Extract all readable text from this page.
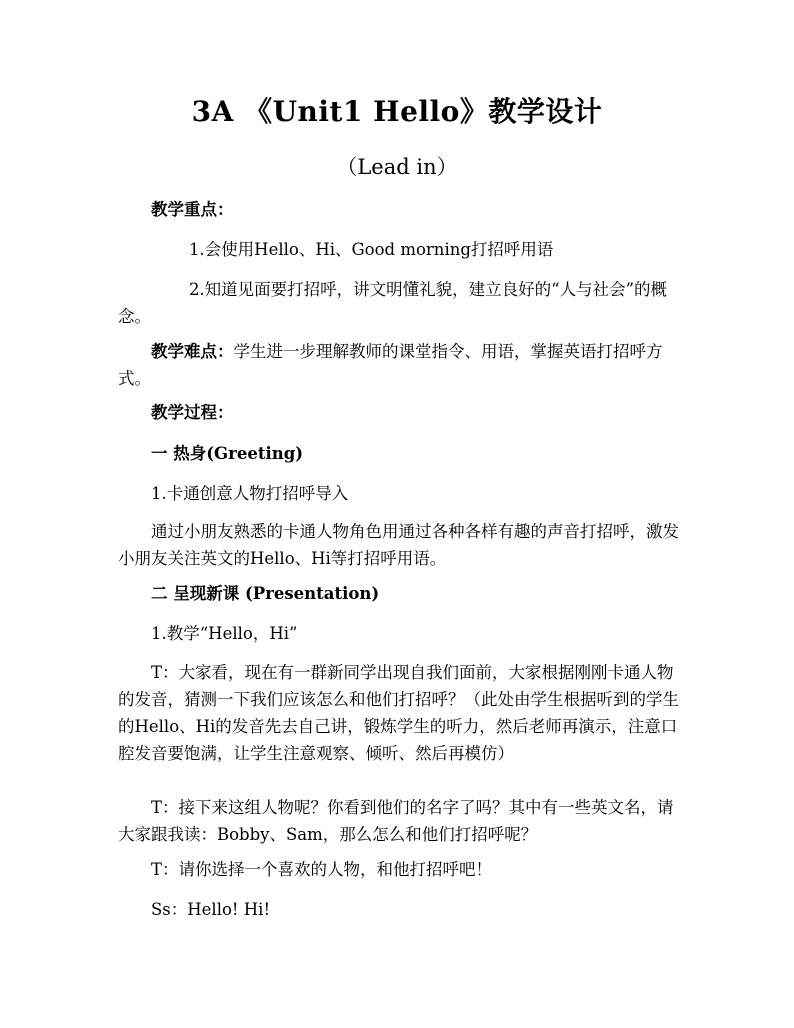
3A 《Unit1 Hello》教学设计
（Lead in）

教学重点：

1.会使用Hello、Hi、Good morning打招呼用语

2.知道见面要打招呼，讲文明懂礼貌，建立良好的“人与社会”的概念。

教学难点：学生进一步理解教师的课堂指令、用语，掌握英语打招呼方式。

教学过程：

一 热身(Greeting)

1.卡通创意人物打招呼导入

通过小朋友熟悉的卡通人物角色用通过各种各样有趣的声音打招呼，激发小朋友关注英文的Hello、Hi等打招呼用语。

二 呈现新课 (Presentation)

1.教学“Hello，Hi”

T：大家看，现在有一群新同学出现自我们面前，大家根据刚刚卡通人物的发音，猜测一下我们应该怎么和他们打招呼？（此处由学生根据听到的学生的Hello、Hi的发音先去自己讲，锻炼学生的听力，然后老师再演示，注意口腔发音要饱满，让学生注意观察、倾听、然后再模仿）

T：接下来这组人物呢？你看到他们的名字了吗？其中有一些英文名，请大家跟我读：Bobby、Sam，那么怎么和他们打招呼呢？

T：请你选择一个喜欢的人物，和他打招呼吧！

Ss：Hello! Hi!
